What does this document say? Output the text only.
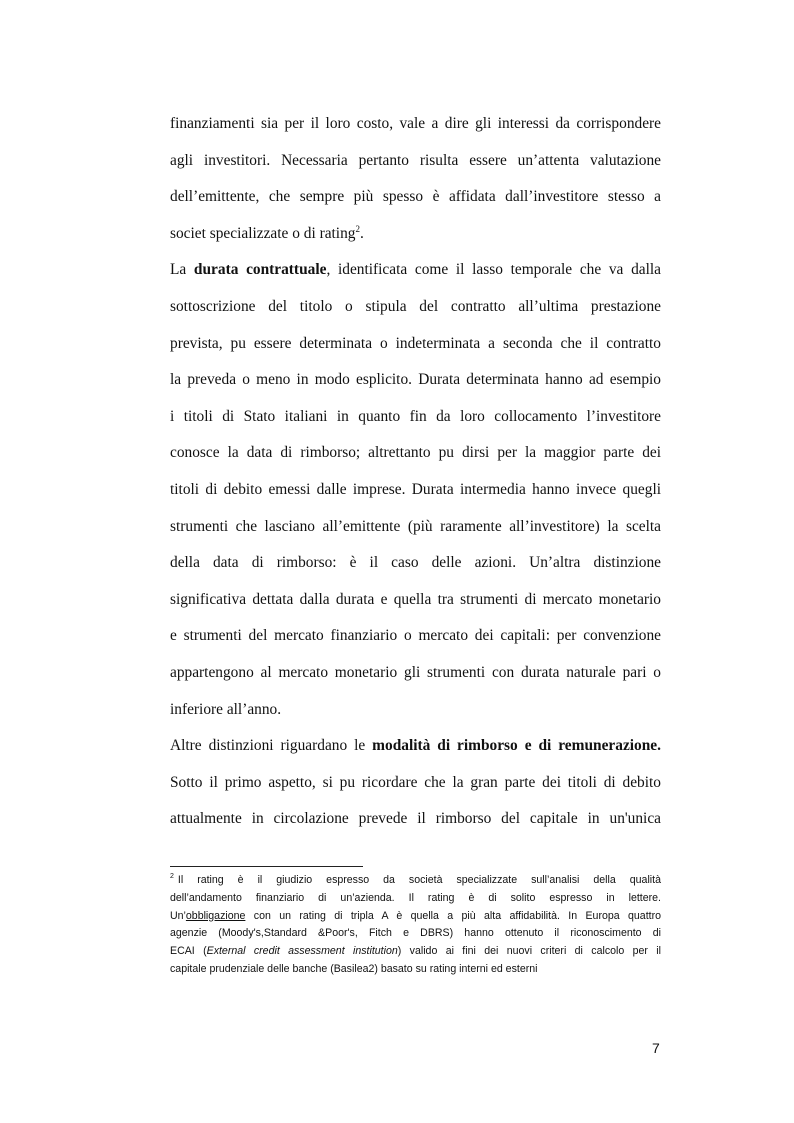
finanziamenti sia per il loro costo, vale a dire gli interessi da corrispondere
agli investitori. Necessaria pertanto risulta essere un’attenta valutazione
dell’emittente, che sempre più spesso è affidata dall’investitore stesso a
societ specializzate o di rating$^2$.
La durata contrattuale, identificata come il lasso temporale che va dalla
sottoscrizione del titolo o stipula del contratto all’ultima prestazione
prevista, pu essere determinata o indeterminata a seconda che il contratto
la preveda o meno in modo esplicito. Durata determinata hanno ad esempio
i titoli di Stato italiani in quanto fin da loro collocamento l’investitore
conosce la data di rimborso; altrettanto pu dirsi per la maggior parte dei
titoli di debito emessi dalle imprese. Durata intermedia hanno invece quegli
strumenti che lasciano all’emittente (più raramente all’investitore) la scelta
della data di rimborso: è il caso delle azioni. Un’altra distinzione
significativa dettata dalla durata e quella tra strumenti di mercato monetario
e strumenti del mercato finanziario o mercato dei capitali: per convenzione
appartengono al mercato monetario gli strumenti con durata naturale pari o
inferiore all’anno.
Altre distinzioni riguardano le modalità di rimborso e di remunerazione.
Sotto il primo aspetto, si pu ricordare che la gran parte dei titoli di debito
attualmente in circolazione prevede il rimborso del capitale in un'unica
$^2$ Il rating è il giudizio espresso da società specializzate sull’analisi della qualità
dell’andamento finanziario di un’azienda. Il rating è di solito espresso in lettere.
Un’obbligazione con un rating di tripla A è quella a più alta affidabilità. In Europa quattro
agenzie (Moody's,Standard &Poor's, Fitch e DBRS) hanno ottenuto il riconoscimento di
ECAI (External credit assessment institution) valido ai fini dei nuovi criteri di calcolo per il
capitale prudenziale delle banche (Basilea2) basato su rating interni ed esterni
7
